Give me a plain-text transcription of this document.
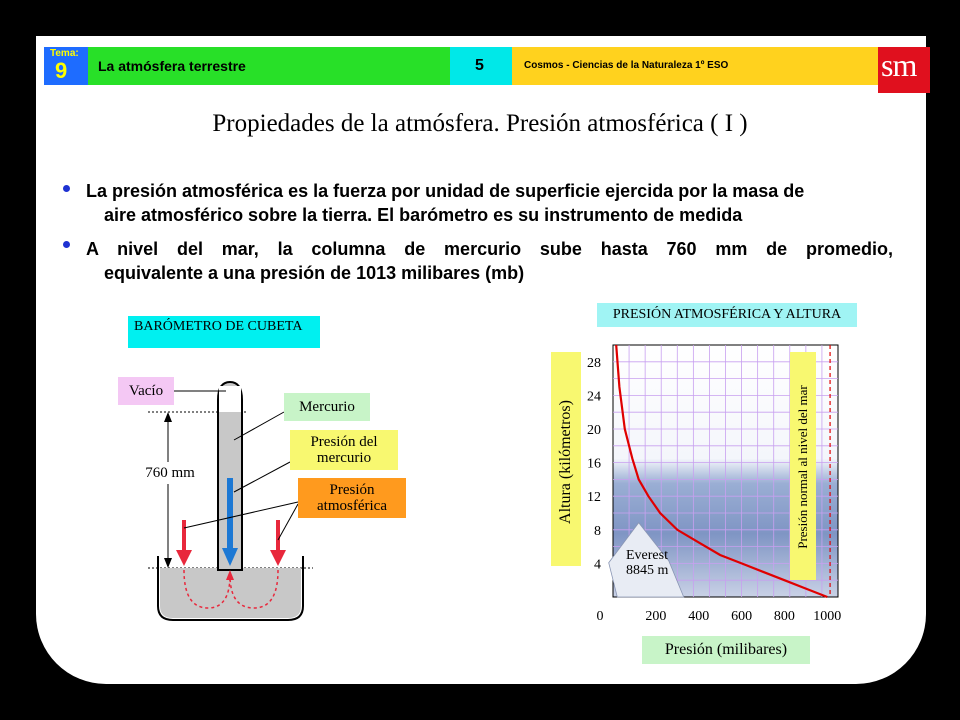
Tema:
9 La atmósfera terrestre	5	Cosmos - Ciencias de la Naturaleza 1º ESO	sm
Propiedades de la atmósfera. Presión atmosférica ( I )
La presión atmosférica es la fuerza por unidad de superficie ejercida por la masa de
aire atmosférico sobre la tierra. El barómetro es su instrumento de medida
A nivel del mar, la columna de mercurio sube hasta 760 mm de promedio,
equivalente a una presión de 1013 milibares (mb)
BARÓMETRO DE CUBETA
Vacío
Mercurio
Presión del
mercurio
Presión
atmosférica
760 mm
PRESIÓN ATMOSFÉRICA Y ALTURA
4
8
12
16
20
24
28
0	200 400 600 800 1000
Altura (kilómetros)
Presión (milibares)
Presión normal al nivel del mar
Everest
8845 m
